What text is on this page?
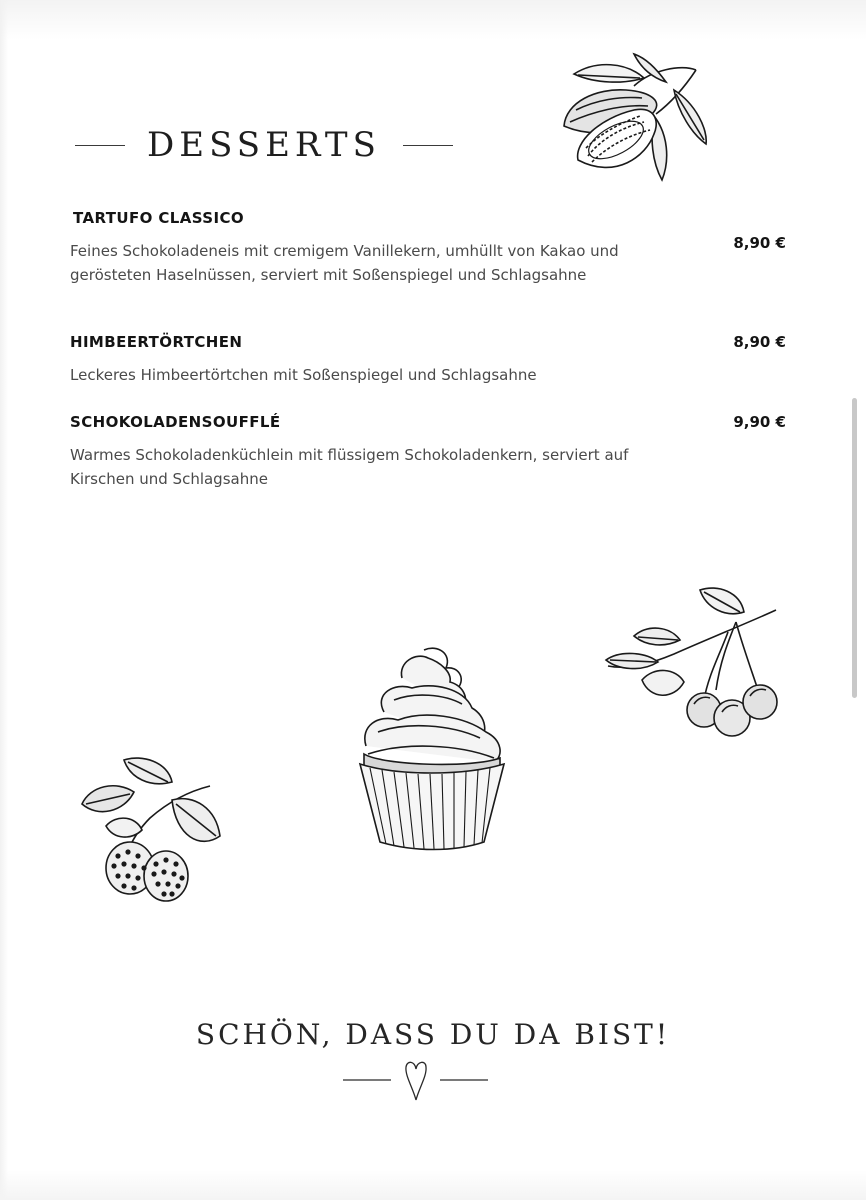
DESSERTS
TARTUFO CLASSICO
8,90 €

Feines Schokoladeneis mit cremigem Vanillekern, umhüllt von Kakao und gerösteten Haselnüssen, serviert mit Soßenspiegel und Schlagsahne

HIMBEERTÖRTCHEN	8,90 €

Leckeres Himbeertörtchen mit Soßenspiegel und Schlagsahne

SCHOKOLADENSOUFFLÉ	9,90 €

Warmes Schokoladenküchlein mit flüssigem Schokoladenkern, serviert auf Kirschen und Schlagsahne

SCHÖN, DASS DU DA BIST!
